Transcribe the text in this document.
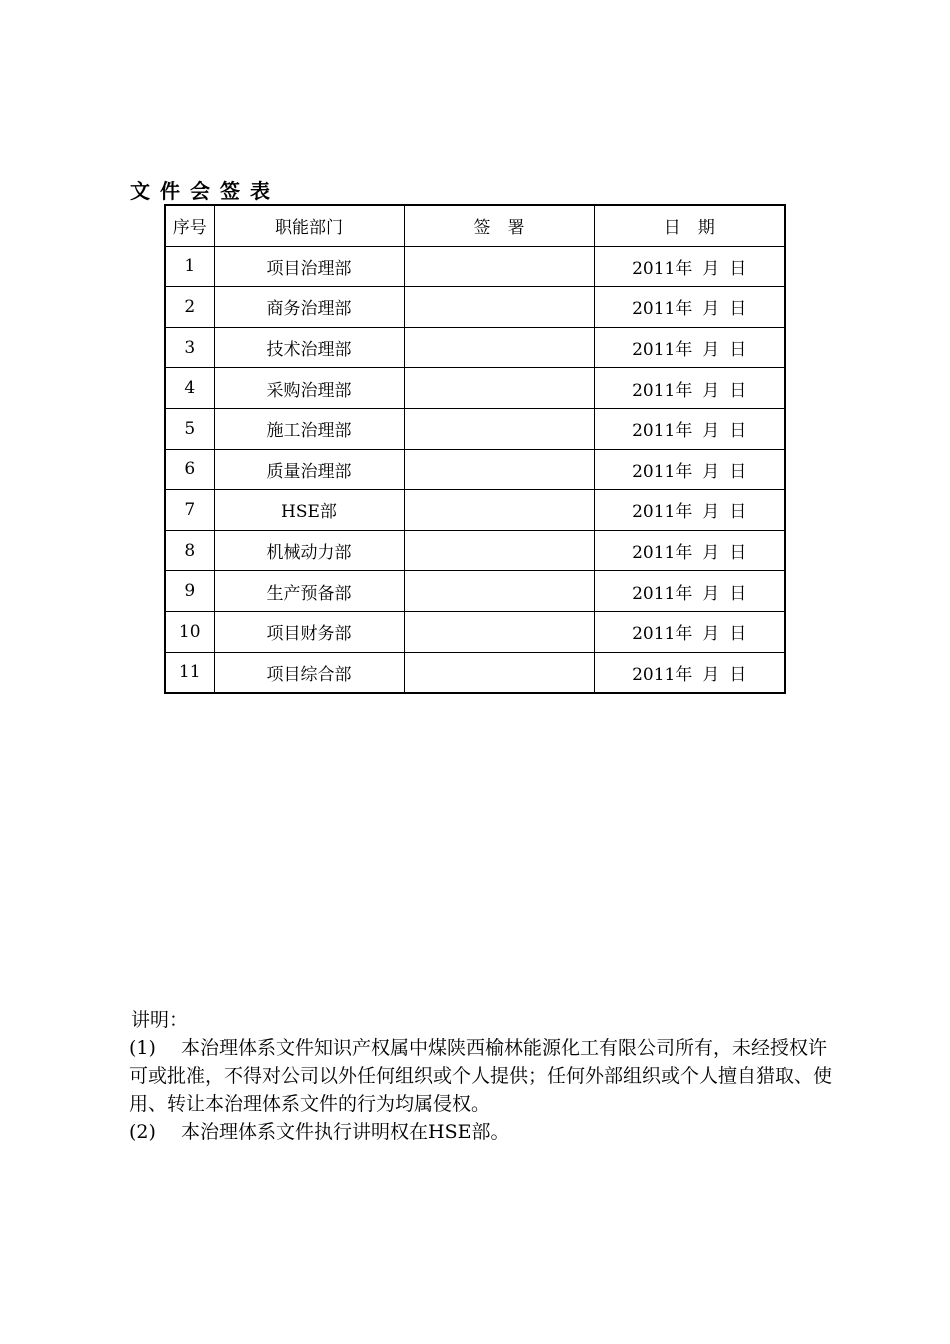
文件会签表
序号	职能部门	签　署	日　期
1	项目治理部		2011年 月 日
2	商务治理部		2011年 月 日
3	技术治理部		2011年 月 日
4	采购治理部		2011年 月 日
5	施工治理部		2011年 月 日
6	质量治理部		2011年 月 日
7	HSE部		2011年 月 日
8	机械动力部		2011年 月 日
9	生产预备部		2011年 月 日
10	项目财务部		2011年 月 日
11	项目综合部		2011年 月 日

讲明：

(1) 本治理体系文件知识产权属中煤陕西榆林能源化工有限公司所有，未经授权许可或批准，不得对公司以外任何组织或个人提供；任何外部组织或个人擅自猎取、使用、转让本治理体系文件的行为均属侵权。

(2) 本治理体系文件执行讲明权在HSE部。
